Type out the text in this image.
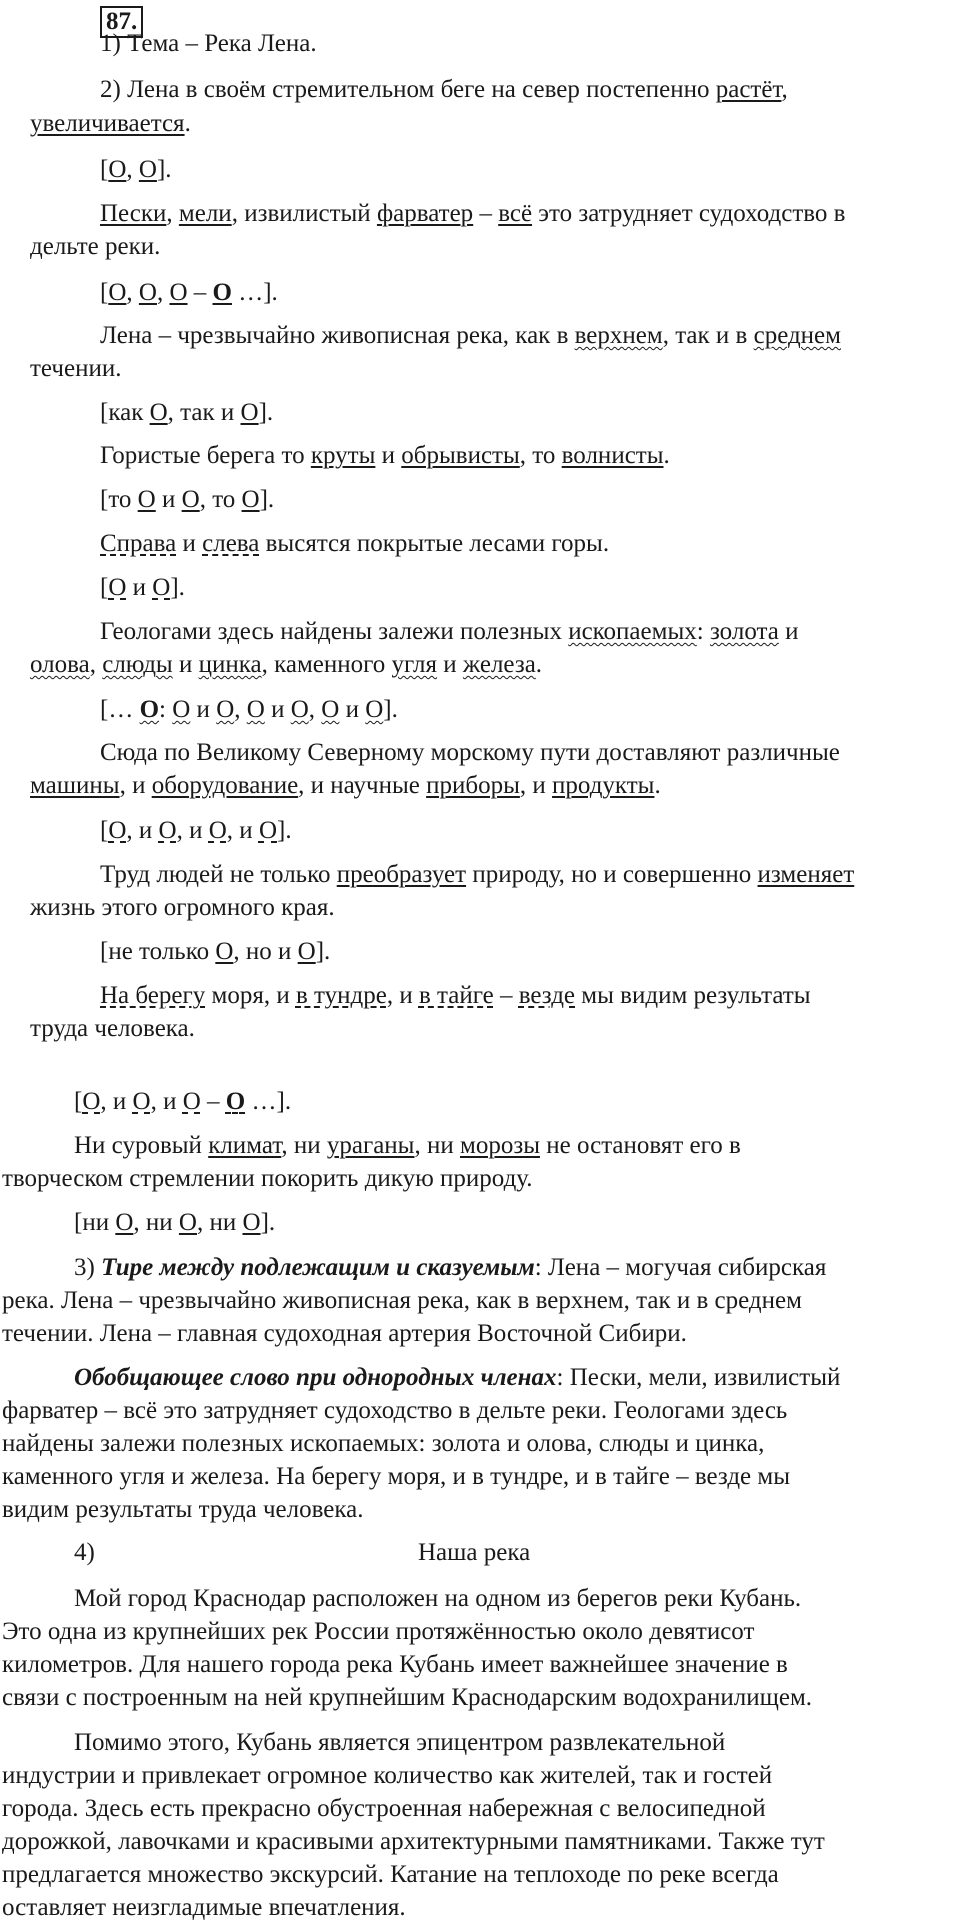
87.
1) Тема – Река Лена.
2) Лена в своём стремительном беге на север постепенно растёт,
увеличивается.
[О, О].
Пески, мели, извилистый фарватер – всё это затрудняет судоходство в
дельте реки.
[О, О, О – О …].
Лена – чрезвычайно живописная река, как в верхнем, так и в среднем
течении.
[как О, так и О].
Гористые берега то круты и обрывисты, то волнисты.
[то О и О, то О].
Справа и слева высятся покрытые лесами горы.
[О и О].
Геологами здесь найдены залежи полезных ископаемых: золота и
олова, слюды и цинка, каменного угля и железа.
[… О: О и О, О и О, О и О].
Сюда по Великому Северному морскому пути доставляют различные
машины, и оборудование, и научные приборы, и продукты.
[О, и О, и О, и О].
Труд людей не только преобразует природу, но и совершенно изменяет
жизнь этого огромного края.
[не только О, но и О].
На берегу моря, и в тундре, и в тайге – везде мы видим результаты
труда человека.
[О, и О, и О – О …].
Ни суровый климат, ни ураганы, ни морозы не остановят его в
творческом стремлении покорить дикую природу.
[ни О, ни О, ни О].
3) Тире между подлежащим и сказуемым: Лена – могучая сибирская
река. Лена – чрезвычайно живописная река, как в верхнем, так и в среднем
течении. Лена – главная судоходная артерия Восточной Сибири.
Обобщающее слово при однородных членах: Пески, мели, извилистый
фарватер – всё это затрудняет судоходство в дельте реки. Геологами здесь
найдены залежи полезных ископаемых: золота и олова, слюды и цинка,
каменного угля и железа. На берегу моря, и в тундре, и в тайге – везде мы
видим результаты труда человека.
4)	Наша река
Мой город Краснодар расположен на одном из берегов реки Кубань.
Это одна из крупнейших рек России протяжённостью около девятисот
километров. Для нашего города река Кубань имеет важнейшее значение в
связи с построенным на ней крупнейшим Краснодарским водохранилищем.
Помимо этого, Кубань является эпицентром развлекательной
индустрии и привлекает огромное количество как жителей, так и гостей
города. Здесь есть прекрасно обустроенная набережная с велосипедной
дорожкой, лавочками и красивыми архитектурными памятниками. Также тут
предлагается множество экскурсий. Катание на теплоходе по реке всегда
оставляет неизгладимые впечатления.
